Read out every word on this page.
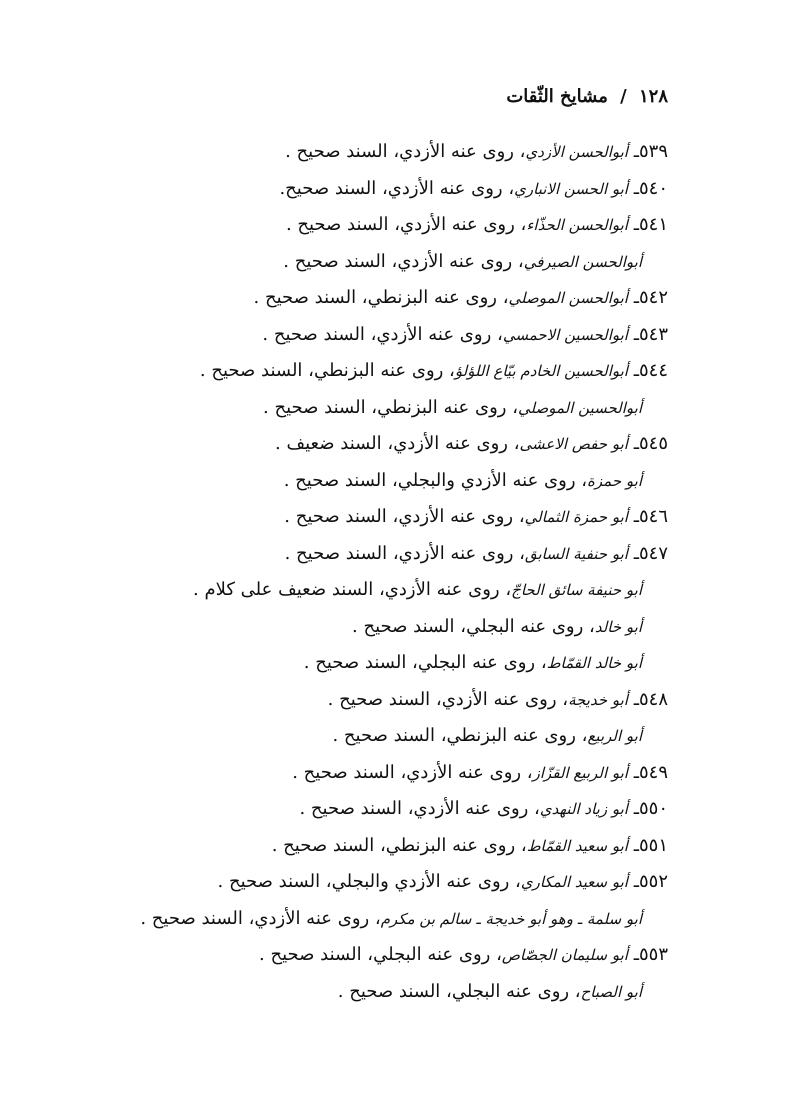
١٢٨ / مشايخ الثّقات
٥٣٩ـ أبوالحسن الأزدي، روى عنه الأزدي، السند صحيح .
٥٤٠ـ أبو الحسن الانباري، روى عنه الأزدي، السند صحيح.
٥٤١ـ أبوالحسن الحذّاء، روى عنه الأزدي، السند صحيح .
أبوالحسن الصيرفي، روى عنه الأزدي، السند صحيح .
٥٤٢ـ أبوالحسن الموصلي، روى عنه البزنطي، السند صحيح .
٥٤٣ـ أبوالحسين الاحمسي، روى عنه الأزدي، السند صحيح .
٥٤٤ـ أبوالحسين الخادم بيّاع اللؤلؤ، روى عنه البزنطي، السند صحيح .
أبوالحسين الموصلي، روى عنه البزنطي، السند صحيح .
٥٤٥ـ أبو حفص الاعشى، روى عنه الأزدي، السند ضعيف .
أبو حمزة، روى عنه الأزدي والبجلي، السند صحيح .
٥٤٦ـ أبو حمزة الثمالي، روى عنه الأزدي، السند صحيح .
٥٤٧ـ أبو حنفية السابق، روى عنه الأزدي، السند صحيح .
أبو حنيفة سائق الحاجّ، روى عنه الأزدي، السند ضعيف على كلام .
أبو خالد، روى عنه البجلي، السند صحيح .
أبو خالد القمّاط، روى عنه البجلي، السند صحيح .
٥٤٨ـ أبو خديجة، روى عنه الأزدي، السند صحيح .
أبو الربيع، روى عنه البزنطي، السند صحيح .
٥٤٩ـ أبو الربيع القزّاز، روى عنه الأزدي، السند صحيح .
٥٥٠ـ أبو زياد النهدي، روى عنه الأزدي، السند صحيح .
٥٥١ـ أبو سعيد القمّاط، روى عنه البزنطي، السند صحيح .
٥٥٢ـ أبو سعيد المكاري، روى عنه الأزدي والبجلي، السند صحيح .
أبو سلمة ـ وهو أبو خديجة ـ سالم بن مكرم، روى عنه الأزدي، السند صحيح .
٥٥٣ـ أبو سليمان الجصّاص، روى عنه البجلي، السند صحيح .
أبو الصباح، روى عنه البجلي، السند صحيح .
